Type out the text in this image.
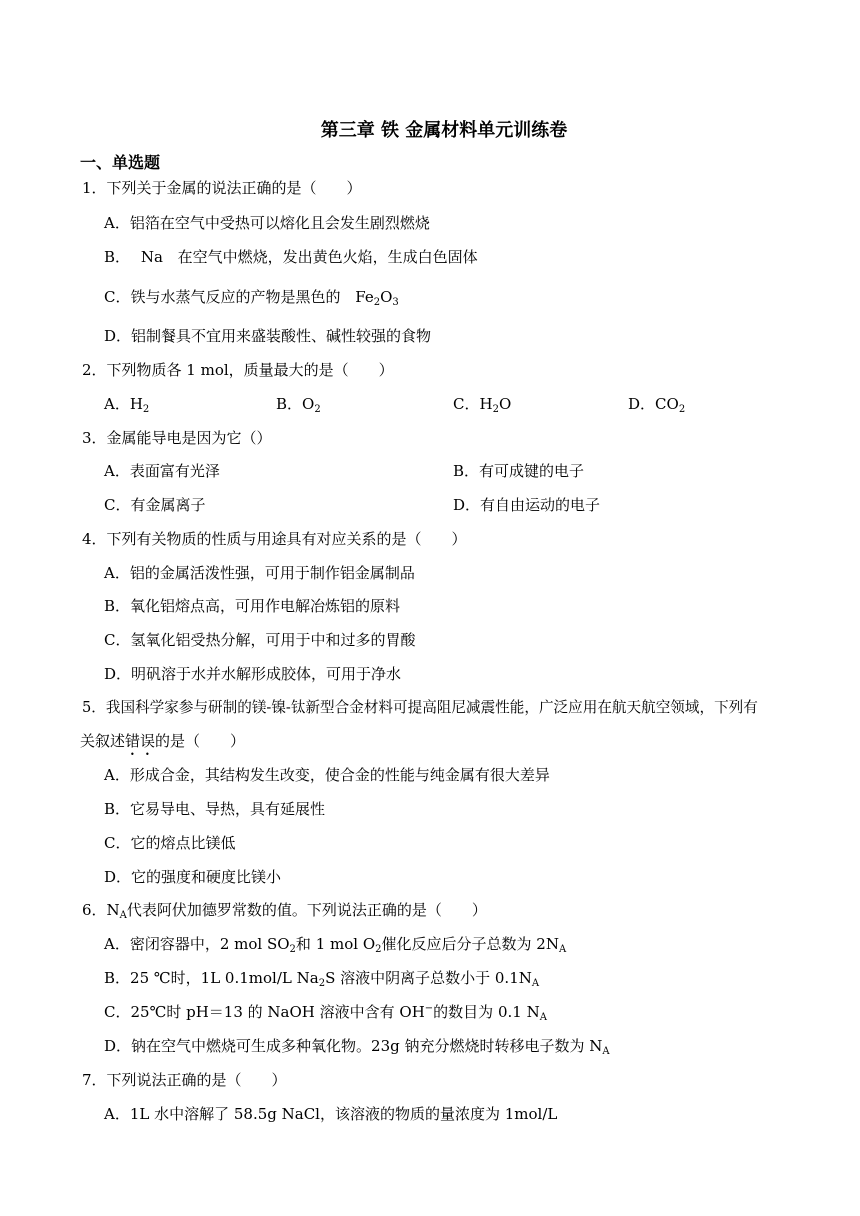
第三章 铁 金属材料单元训练卷
一、单选题
1．下列关于金属的说法正确的是（　　）
A．铝箔在空气中受热可以熔化且会发生剧烈燃烧
B． Na 在空气中燃烧，发出黄色火焰，生成白色固体
C．铁与水蒸气反应的产物是黑色的 $Fe_2O_3$
D．铝制餐具不宜用来盛装酸性、碱性较强的食物
2．下列物质各 1 mol，质量最大的是（　　）
A．$H_2$	B．$O_2$	C．$H_2O$	D．$CO_2$
3．金属能导电是因为它（）
A．表面富有光泽	B．有可成键的电子
C．有金属离子	D．有自由运动的电子
4．下列有关物质的性质与用途具有对应关系的是（　　）
A．铝的金属活泼性强，可用于制作铝金属制品
B．氧化铝熔点高，可用作电解冶炼铝的原料
C．氢氧化铝受热分解，可用于中和过多的胃酸
D．明矾溶于水并水解形成胶体，可用于净水
5．我国科学家参与研制的镁-镍-钛新型合金材料可提高阻尼减震性能，广泛应用在航天航空领域，下列有
关叙述错误的是（　　）
A．形成合金，其结构发生改变，使合金的性能与纯金属有很大差异
B．它易导电、导热，具有延展性
C．它的熔点比镁低
D．它的强度和硬度比镁小
6．$N_A$代表阿伏加德罗常数的值。下列说法正确的是（　　）
A．密闭容器中，2 mol $SO_2$和 1 mol $O_2$催化反应后分子总数为 $2N_A$
B．25 ℃时，1L 0.1mol/L $Na_2S$ 溶液中阴离子总数小于 $0.1N_A$
C．25℃时 pH＝13 的 NaOH 溶液中含有 OH−的数目为 0.1 $N_A$
D．钠在空气中燃烧可生成多种氧化物。23g 钠充分燃烧时转移电子数为 $N_A$
7．下列说法正确的是（　　）
A．1L 水中溶解了 58.5g NaCl，该溶液的物质的量浓度为 1mol/L
